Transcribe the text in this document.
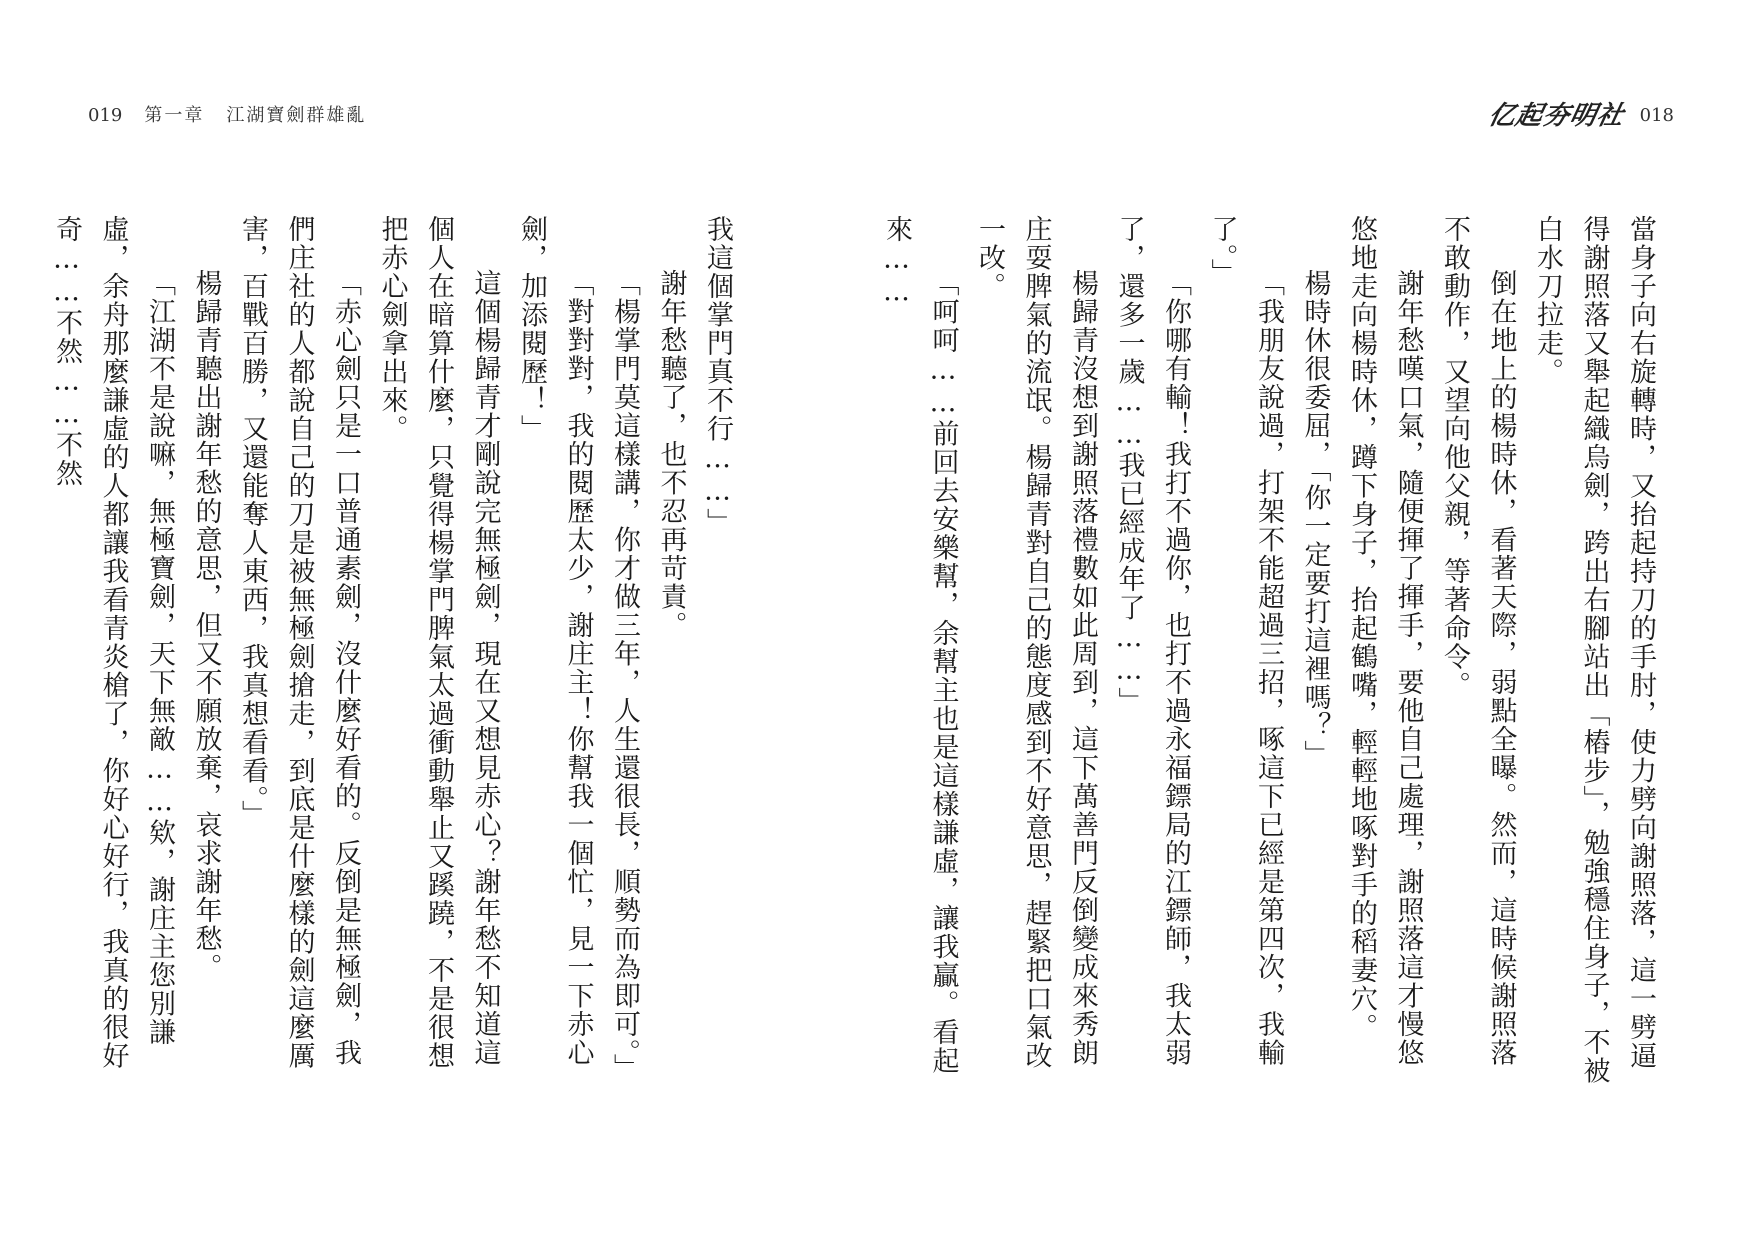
019 第一章 江湖寶劍群雄亂	亿起夯明社 018

當身子向右旋轉時，又抬起持刀的手肘，使力劈向謝照落，這一劈逼得謝照落又舉起織烏劍，跨出右腳站出「樁步」，勉強穩住身子，不被白水刀拉走。

倒在地上的楊時休，看著天際，弱點全曝。然而，這時候謝照落不敢動作，又望向他父親，等著命令。

謝年愁嘆口氣，隨便揮了揮手，要他自己處理，謝照落這才慢悠悠地走向楊時休，蹲下身子，抬起鶴嘴，輕輕地啄對手的稻妻穴。

楊時休很委屈，「你一定要打這裡嗎？」

「我朋友說過，打架不能超過三招，啄這下已經是第四次，我輸了。」

「你哪有輸！我打不過你，也打不過永福鏢局的江鏢師，我太弱了，還多一歲……我已經成年了……」

楊歸青沒想到謝照落禮數如此周到，這下萬善門反倒變成來秀朗庄耍脾氣的流氓。楊歸青對自己的態度感到不好意思，趕緊把口氣改一改。

「呵呵……前回去安樂幫，余幫主也是這樣謙虛，讓我贏。看起來……

我這個掌門真不行……」

謝年愁聽了，也不忍再苛責。

「楊掌門莫這樣講，你才做三年，人生還很長，順勢而為即可。」

「對對對，我的閱歷太少，謝庄主！你幫我一個忙，見一下赤心劍，加添閱歷！」

這個楊歸青才剛說完無極劍，現在又想見赤心？謝年愁不知道這個人在暗算什麼，只覺得楊掌門脾氣太過衝動舉止又蹊蹺，不是很想把赤心劍拿出來。

「赤心劍只是一口普通素劍，沒什麼好看的。反倒是無極劍，我們庄社的人都說自己的刀是被無極劍搶走，到底是什麼樣的劍這麼厲害，百戰百勝，又還能奪人東西，我真想看看。」

楊歸青聽出謝年愁的意思，但又不願放棄，哀求謝年愁。

「江湖不是說嘛，無極寶劍，天下無敵……欸，謝庄主您別謙虛，余舟那麼謙虛的人都讓我看青炎槍了，你好心好行，我真的很好奇……不然……不然
